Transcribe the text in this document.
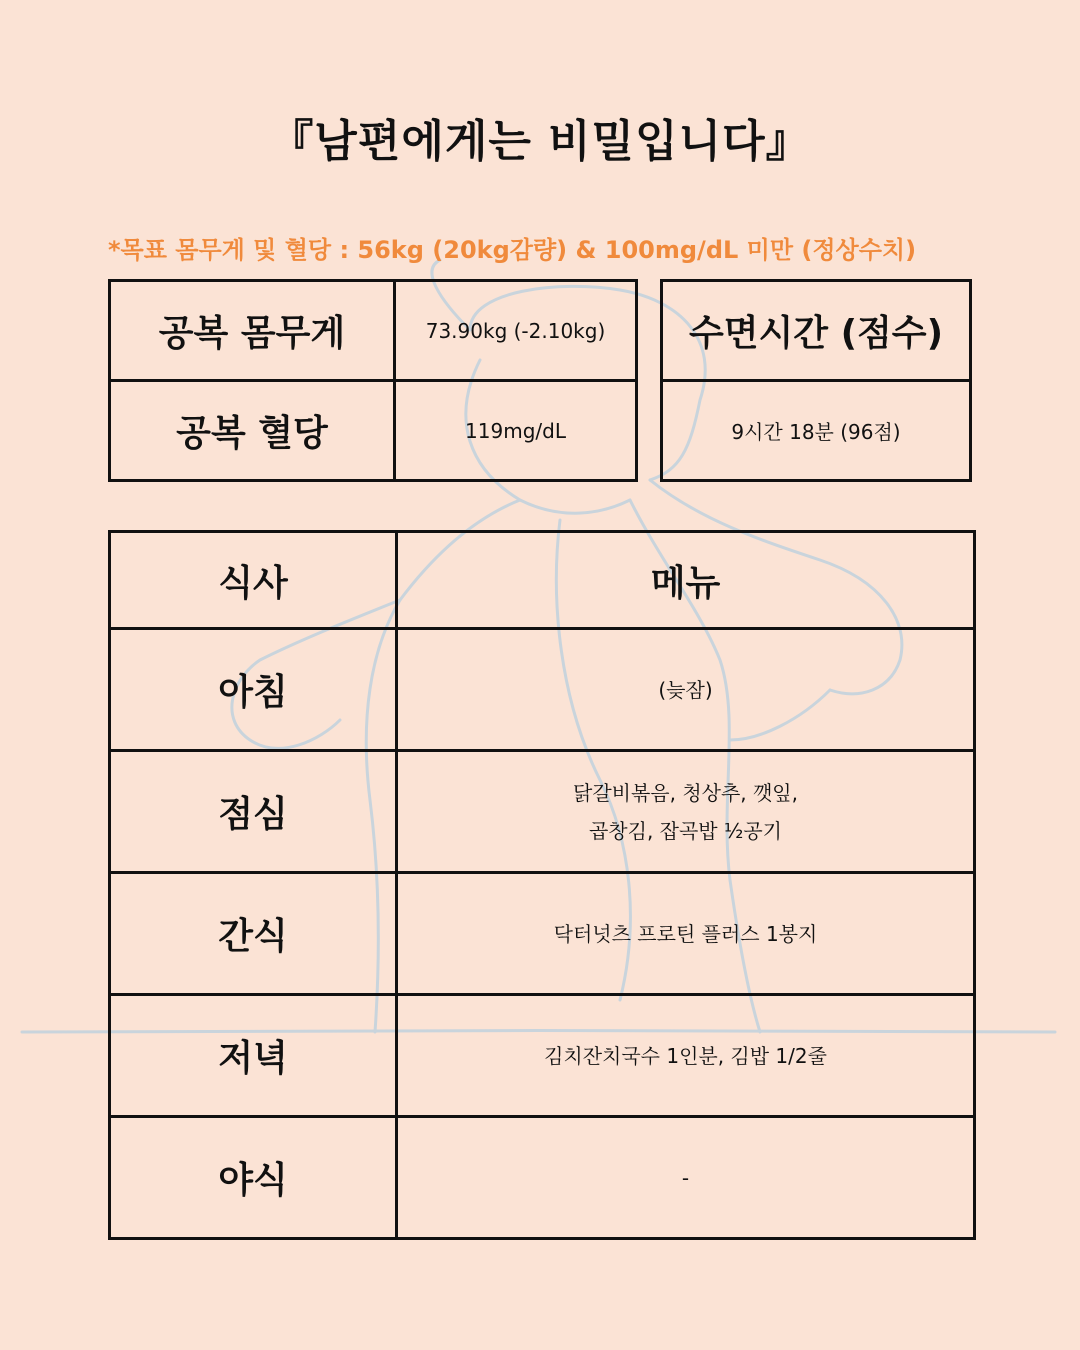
『남편에게는 비밀입니다』
*목표 몸무게 및 혈당 : 56kg (20kg감량) & 100mg/dL 미만 (정상수치)
공복 몸무게	73.90kg (-2.10kg)
공복 혈당	119mg/dL
수면시간 (점수)
9시간 18분 (96점)
식사	메뉴
아침	(늦잠)

점심	닭갈비볶음, 청상추, 깻잎,
곱창김, 잡곡밥 ½공기

간식	닥터넛츠 프로틴 플러스 1봉지

저녁	김치잔치국수 1인분, 김밥 1/2줄

야식	-
